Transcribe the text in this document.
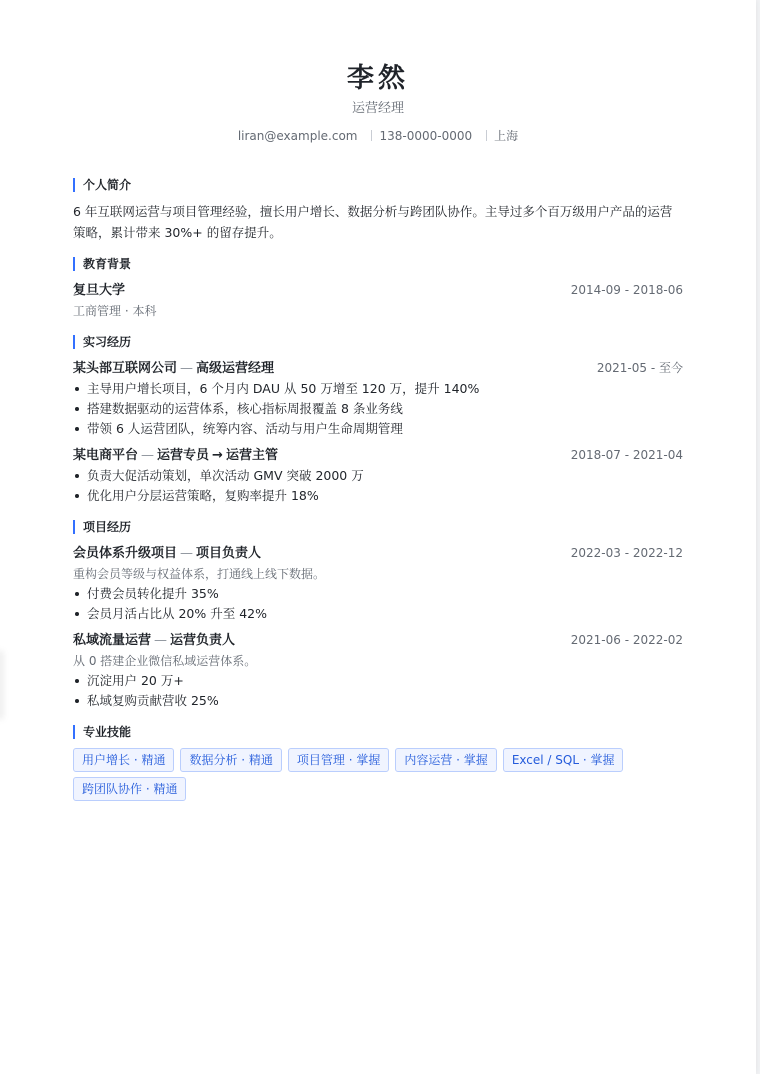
李然
运营经理
liran@example.com 138-0000-0000 上海
个人简介
6 年互联网运营与项目管理经验，擅长用户增长、数据分析与跨团队协作。主导过多个百万级用户产品的运营策略，累计带来 30%+ 的留存提升。
教育背景
复旦大学	2014-09 - 2018-06
工商管理 · 本科
实习经历
某头部互联网公司 — 高级运营经理	2021-05 - 至今
主导用户增长项目，6 个月内 DAU 从 50 万增至 120 万，提升 140%
搭建数据驱动的运营体系，核心指标周报覆盖 8 条业务线
带领 6 人运营团队，统筹内容、活动与用户生命周期管理
某电商平台 — 运营专员 → 运营主管	2018-07 - 2021-04
负责大促活动策划，单次活动 GMV 突破 2000 万
优化用户分层运营策略，复购率提升 18%
项目经历
会员体系升级项目 — 项目负责人	2022-03 - 2022-12
重构会员等级与权益体系，打通线上线下数据。
付费会员转化提升 35%
会员月活占比从 20% 升至 42%
私域流量运营 — 运营负责人	2021-06 - 2022-02
从 0 搭建企业微信私域运营体系。
沉淀用户 20 万+
私域复购贡献营收 25%
专业技能
用户增长 · 精通	数据分析 · 精通	项目管理 · 掌握	内容运营 · 掌握	Excel / SQL · 掌握
跨团队协作 · 精通
